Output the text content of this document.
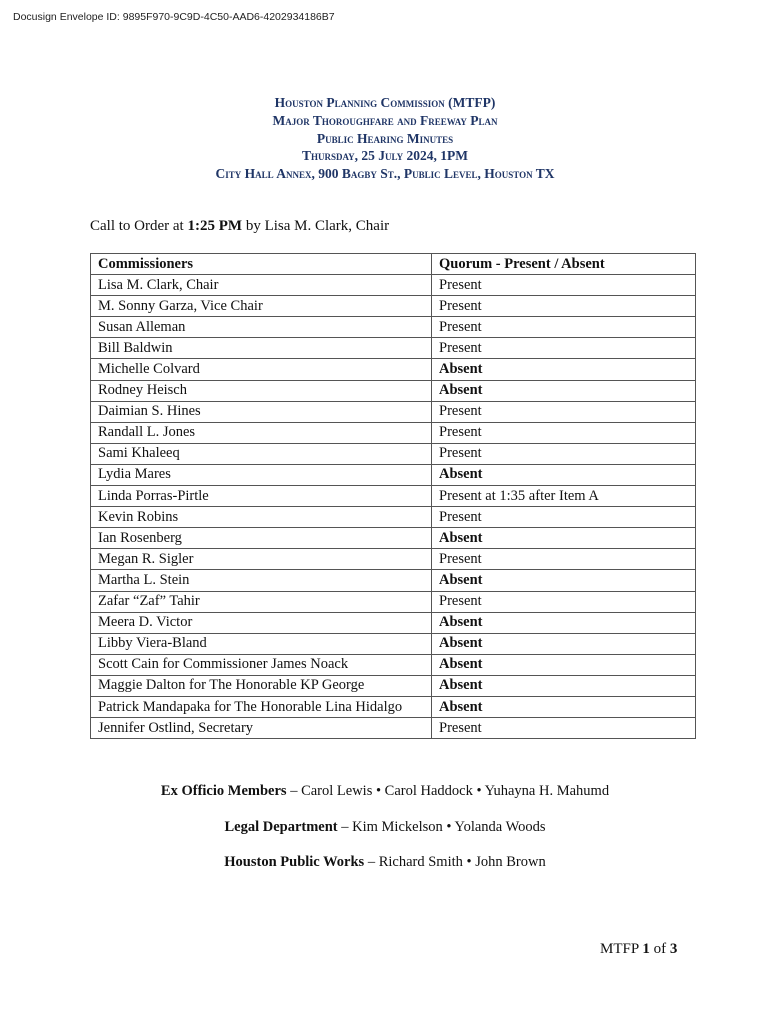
Docusign Envelope ID: 9895F970-9C9D-4C50-AAD6-4202934186B7
Houston Planning Commission (MTFP)
Major Thoroughfare and Freeway Plan
Public Hearing Minutes
Thursday, 25 July 2024, 1PM
City Hall Annex, 900 Bagby St., Public Level, Houston TX
Call to Order at 1:25 PM by Lisa M. Clark, Chair
Commissioners	Quorum - Present / Absent
Lisa M. Clark, Chair	Present
M. Sonny Garza, Vice Chair	Present
Susan Alleman	Present
Bill Baldwin	Present
Michelle Colvard	Absent
Rodney Heisch	Absent
Daimian S. Hines	Present
Randall L. Jones	Present
Sami Khaleeq	Present
Lydia Mares	Absent
Linda Porras-Pirtle	Present at 1:35 after Item A
Kevin Robins	Present
Ian Rosenberg	Absent
Megan R. Sigler	Present
Martha L. Stein	Absent
Zafar “Zaf” Tahir	Present
Meera D. Victor	Absent
Libby Viera-Bland	Absent
Scott Cain for Commissioner James Noack	Absent
Maggie Dalton for The Honorable KP George	Absent
Patrick Mandapaka for The Honorable Lina Hidalgo	Absent
Jennifer Ostlind, Secretary	Present
Ex Officio Members – Carol Lewis • Carol Haddock • Yuhayna H. Mahumd
Legal Department – Kim Mickelson • Yolanda Woods
Houston Public Works – Richard Smith • John Brown
MTFP 1 of 3
